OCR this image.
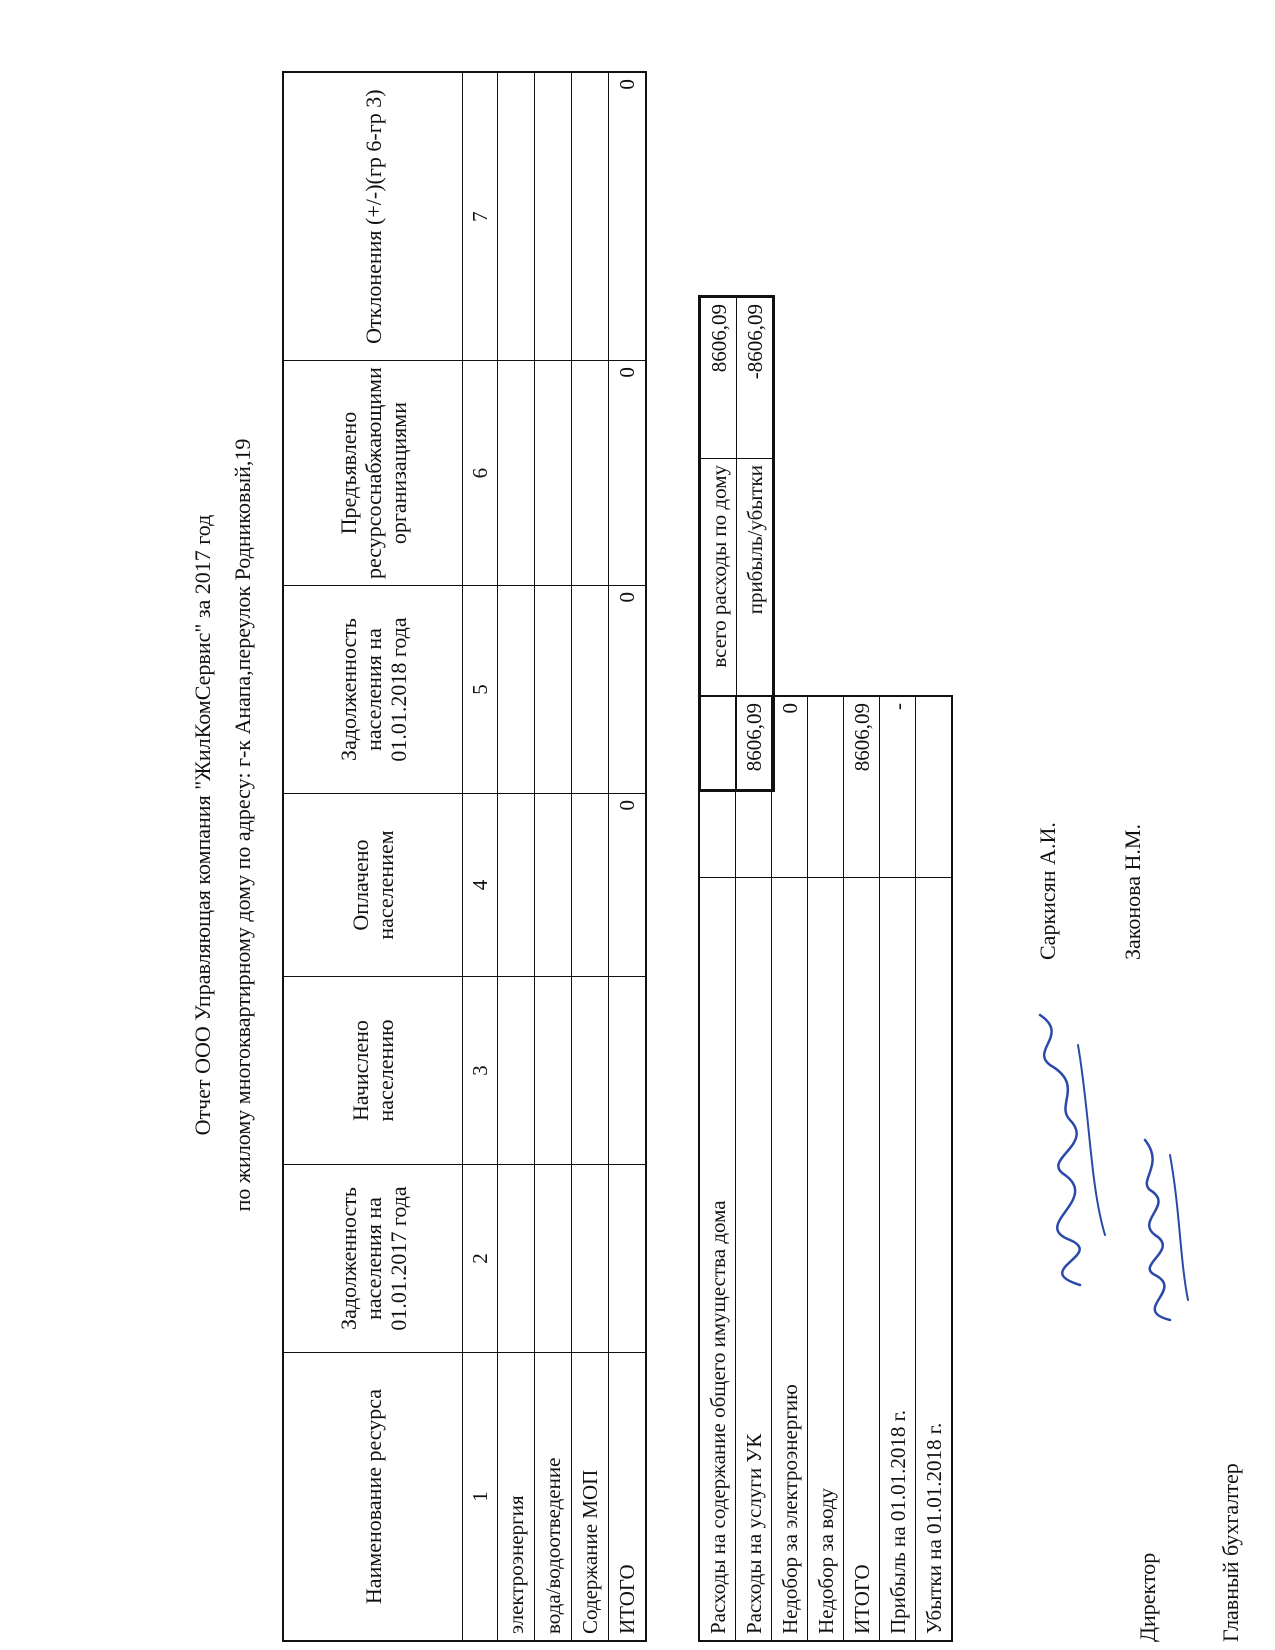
Отчет ООО Управляющая компания "ЖилКомСервис" за 2017 год по жилому многоквартирному дому по адресу: г-к Анапа,переулок Родниковый,19
Наименование ресурса	Задолженность населения на 01.01.2017 года	Начислено населению	Оплачено населением	Задолженность населения на 01.01.2018 года	Предъявлено ресурсоснабжающими организациями	Отклонения (+/-)(гр 6-гр 3)
1	2	3	4	5	6	7
электроэнергия						
вода/водоотведение						
Содержание МОП						
ИТОГО			0	0	0	0
Расходы на содержание общего имущества дома	
Расходы на услуги УК	8606,09
Недобор за электроэнергию	0
Недобор за воду	
ИТОГО	8606,09
Прибыль на 01.01.2018 г.	-
Убытки на 01.01.2018 г.	
всего расходы по дому	8606,09
прибыль/убытки	-8606,09
Директор
Саркисян А.И.
Главный бухгалтер
Законова Н.М.
